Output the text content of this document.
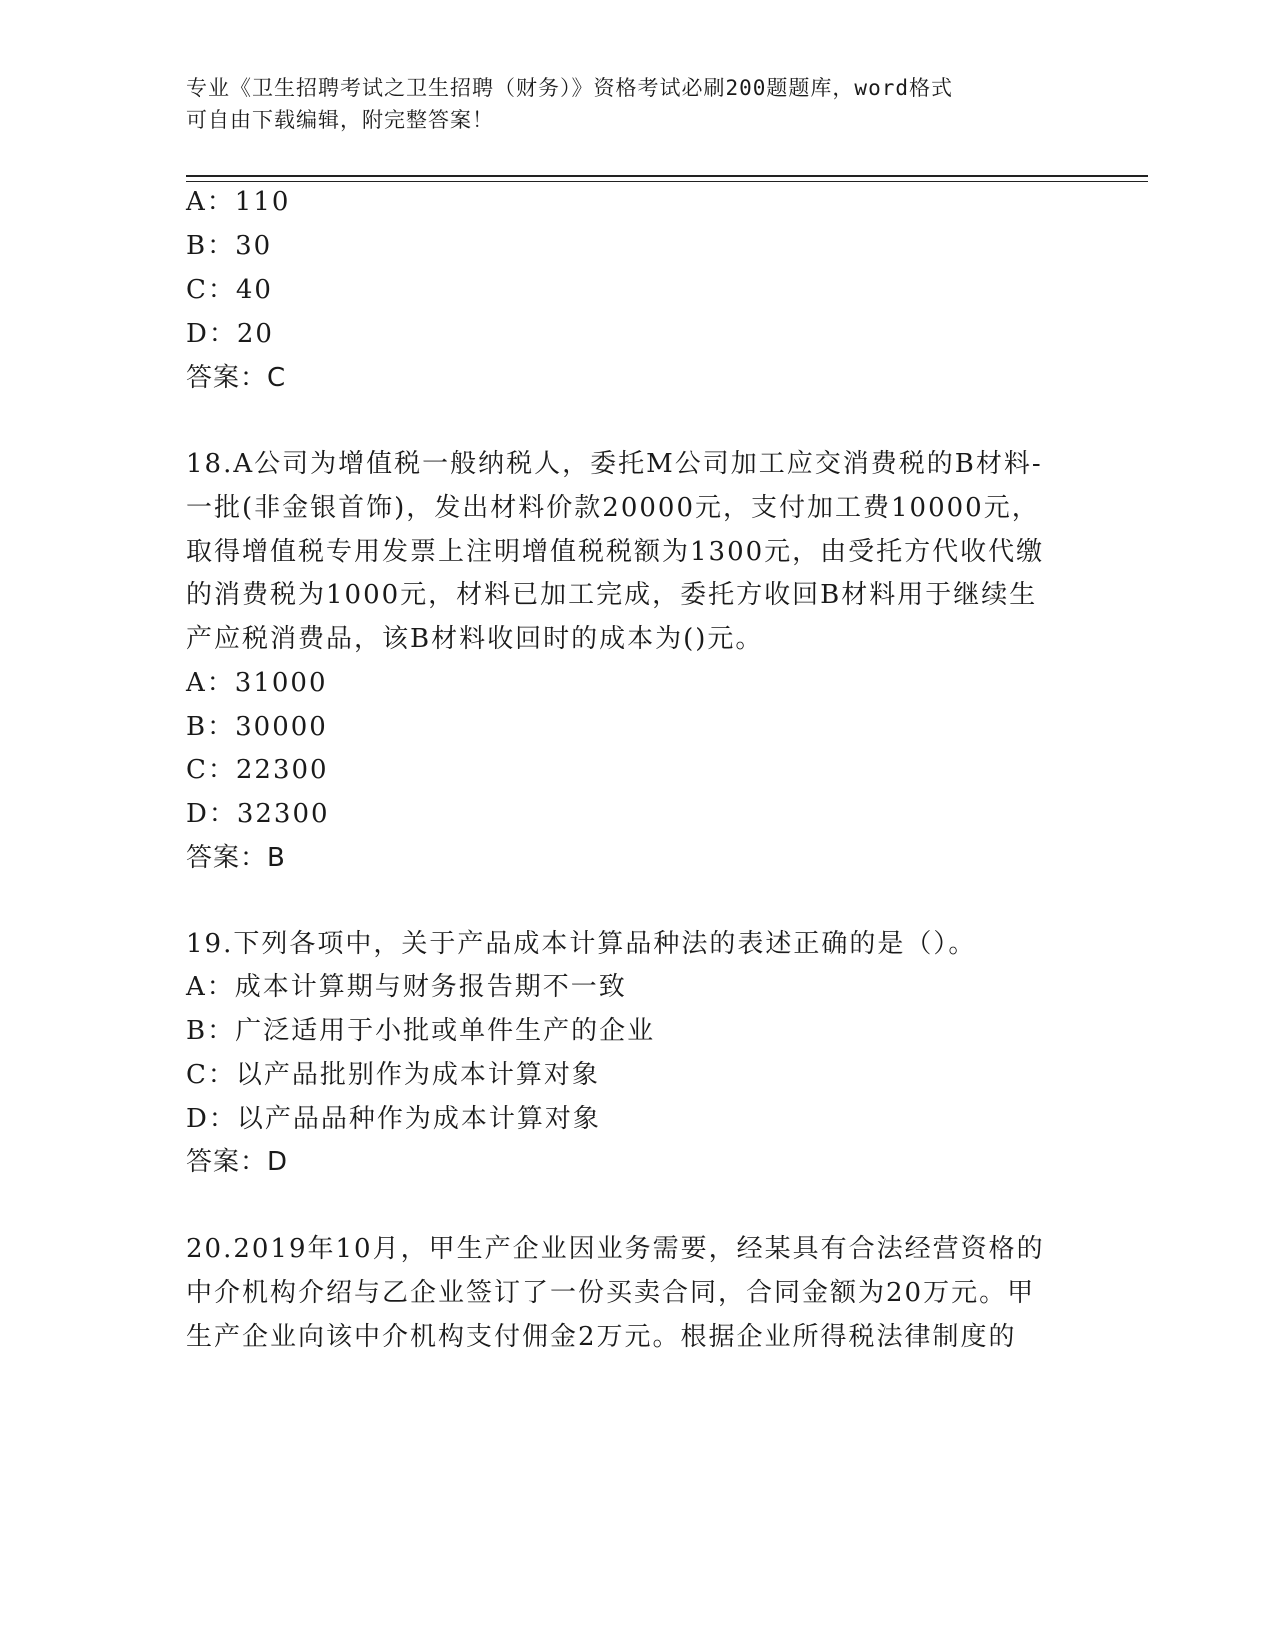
专业《卫生招聘考试之卫生招聘（财务）》资格考试必刷200题题库，word格式
可自由下载编辑，附完整答案！
A：110
B：30
C：40
D：20
答案：C
18.A公司为增值税一般纳税人，委托M公司加工应交消费税的B材料-
一批(非金银首饰)，发出材料价款20000元，支付加工费10000元，
取得增值税专用发票上注明增值税税额为1300元，由受托方代收代缴
的消费税为1000元，材料已加工完成，委托方收回B材料用于继续生
产应税消费品，该B材料收回时的成本为()元。
A：31000
B：30000
C：22300
D：32300
答案：B
19.下列各项中，关于产品成本计算品种法的表述正确的是（）。
A：成本计算期与财务报告期不一致
B：广泛适用于小批或单件生产的企业
C：以产品批别作为成本计算对象
D：以产品品种作为成本计算对象
答案：D
20.2019年10月，甲生产企业因业务需要，经某具有合法经营资格的
中介机构介绍与乙企业签订了一份买卖合同，合同金额为20万元。甲
生产企业向该中介机构支付佣金2万元。根据企业所得税法律制度的
